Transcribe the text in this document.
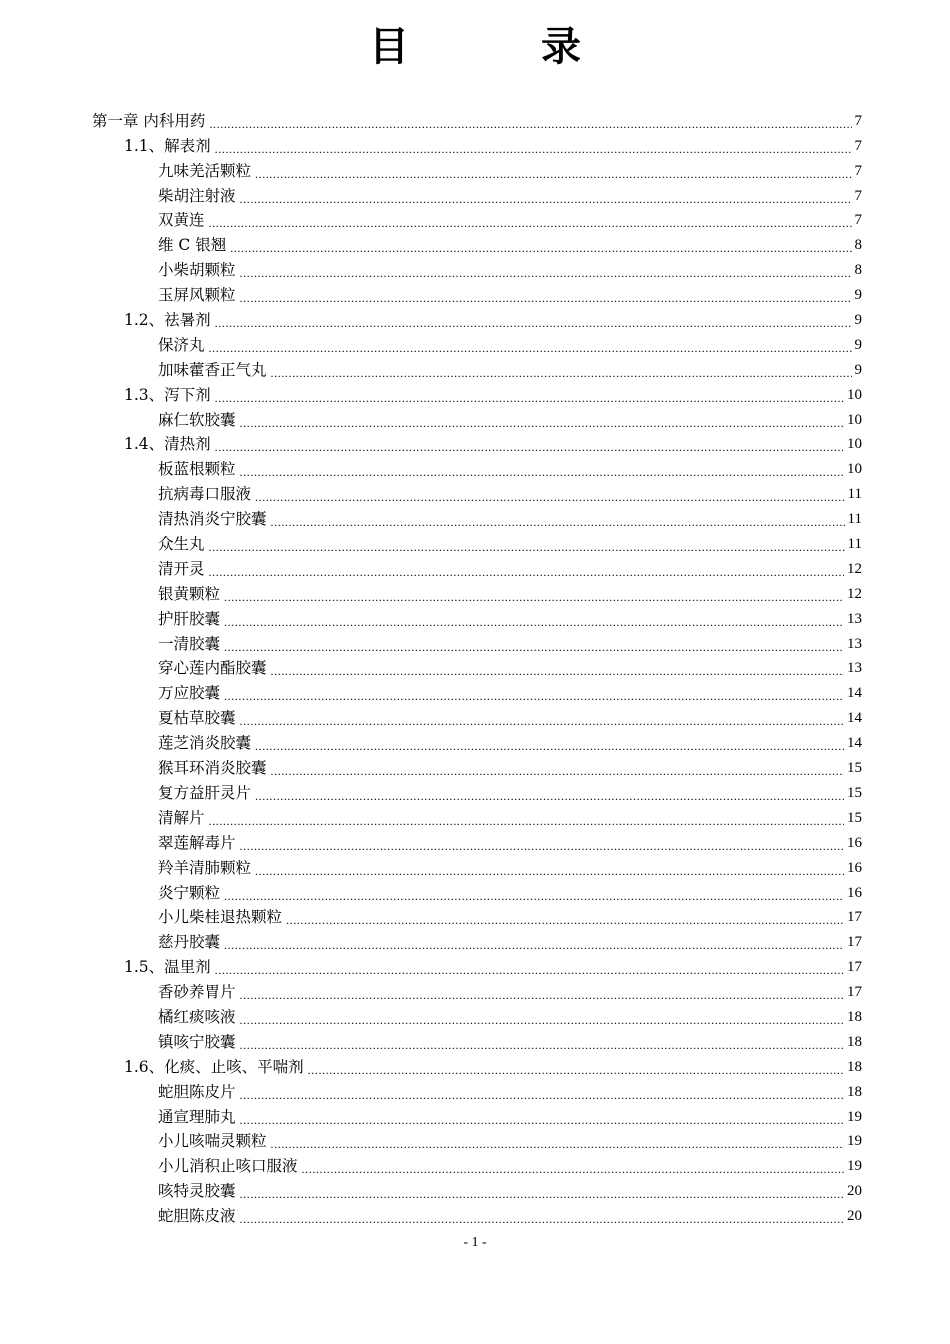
目　录
第一章 内科用药 .....	7
1.1、解表剂 .....	7
九味羌活颗粒 .....	7
柴胡注射液 .....	7
双黄连 .....	7
维 C 银翘 .....	8
小柴胡颗粒 .....	8
玉屏风颗粒 .....	9
1.2、祛暑剂 .....	9
保济丸 .....	9
加味藿香正气丸 .....	9
1.3、泻下剂 .....	10
麻仁软胶囊 .....	10
1.4、清热剂 .....	10
板蓝根颗粒 .....	10
抗病毒口服液 .....	11
清热消炎宁胶囊 .....	11
众生丸 .....	11
清开灵 .....	12
银黄颗粒 .....	12
护肝胶囊 .....	13
一清胶囊 .....	13
穿心莲内酯胶囊 .....	13
万应胶囊 .....	14
夏枯草胶囊 .....	14
莲芝消炎胶囊 .....	14
猴耳环消炎胶囊 .....	15
复方益肝灵片 .....	15
清解片 .....	15
翠莲解毒片 .....	16
羚羊清肺颗粒 .....	16
炎宁颗粒 .....	16
小儿柴桂退热颗粒 .....	17
慈丹胶囊 .....	17
1.5、温里剂 .....	17
香砂养胃片 .....	17
橘红痰咳液 .....	18
镇咳宁胶囊 .....	18
1.6、化痰、止咳、平喘剂 .....	18
蛇胆陈皮片 .....	18
通宣理肺丸 .....	19
小儿咳喘灵颗粒 .....	19
小儿消积止咳口服液 .....	19
咳特灵胶囊 .....	20
蛇胆陈皮液 .....	20
- 1 -
